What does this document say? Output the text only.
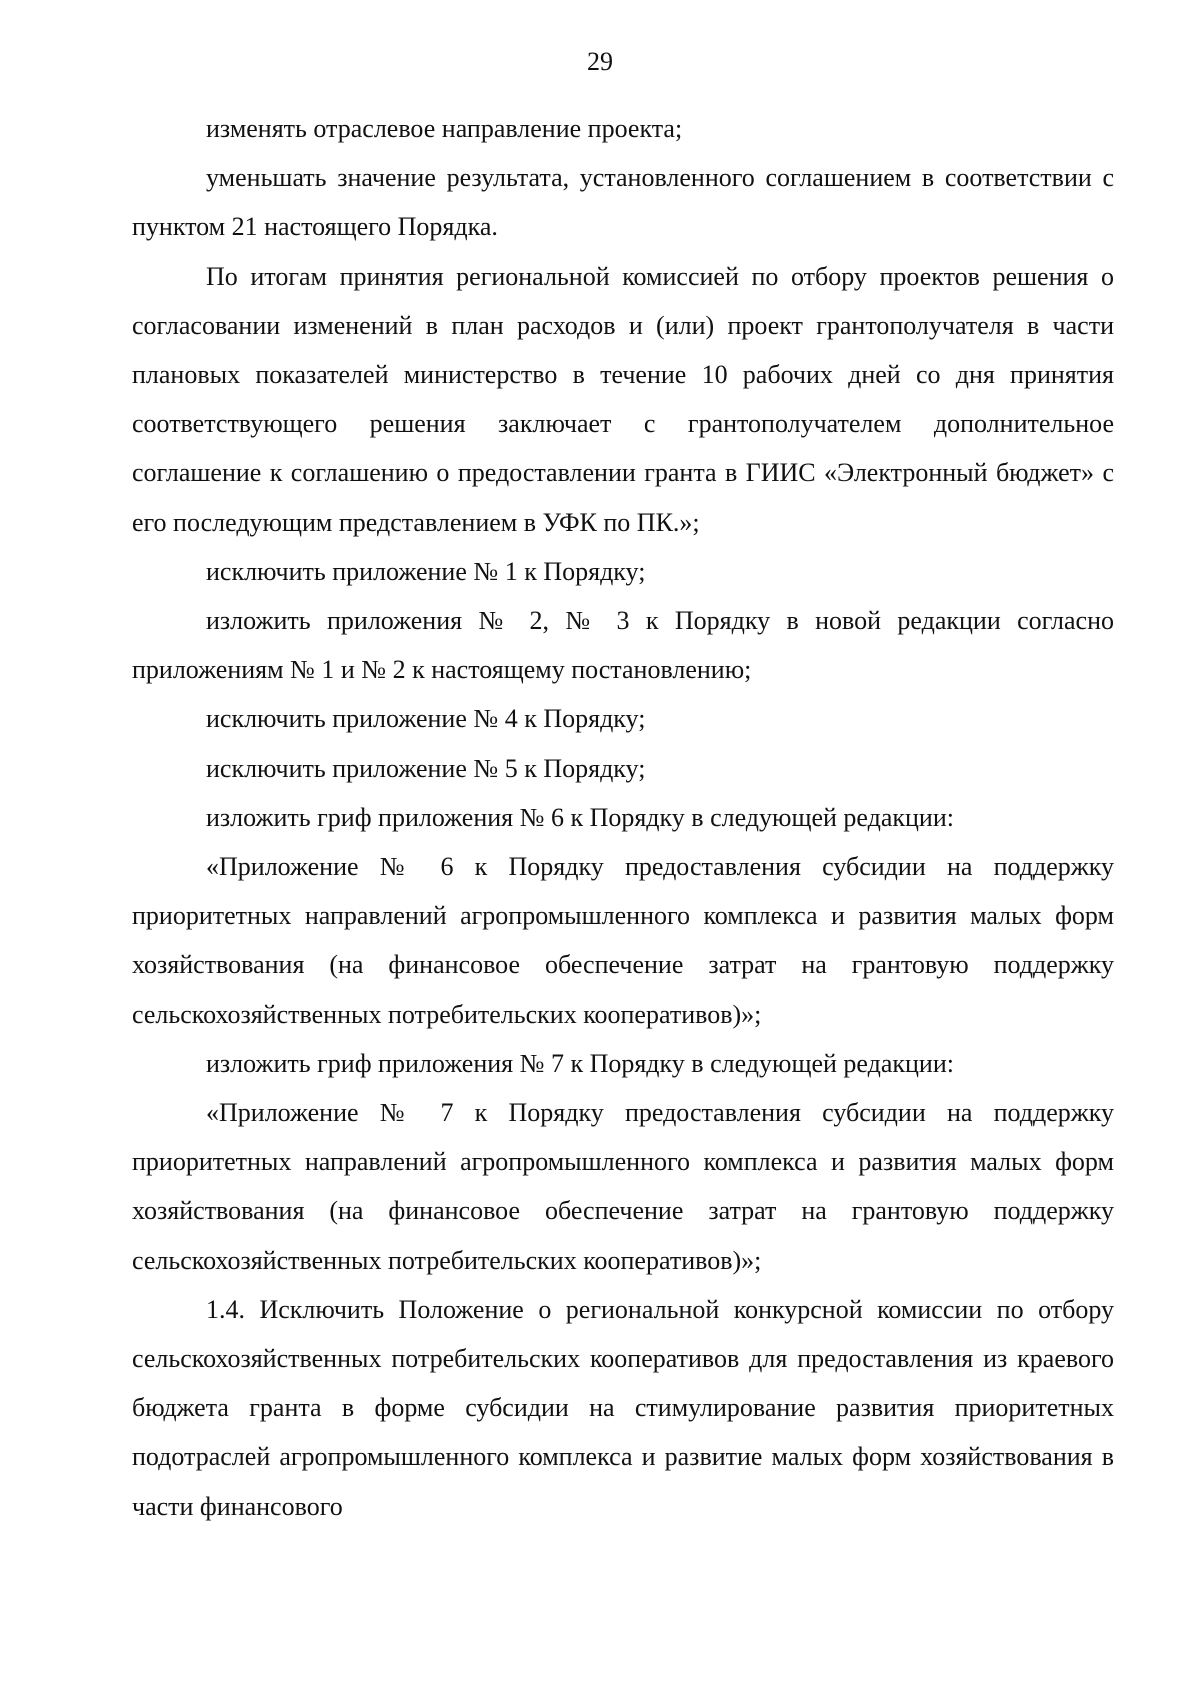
29

изменять отраслевое направление проекта;

уменьшать значение результата, установленного соглашением в соответствии с пунктом 21 настоящего Порядка.

По итогам принятия региональной комиссией по отбору проектов решения о согласовании изменений в план расходов и (или) проект грантополучателя в части плановых показателей министерство в течение 10 рабочих дней со дня принятия соответствующего решения заключает с грантополучателем дополнительное соглашение к соглашению о предоставлении гранта в ГИИС «Электронный бюджет» с его последующим представлением в УФК по ПК.»;

исключить приложение № 1 к Порядку;

изложить приложения № 2, № 3 к Порядку в новой редакции согласно приложениям № 1 и № 2 к настоящему постановлению;

исключить приложение № 4 к Порядку;

исключить приложение № 5 к Порядку;

изложить гриф приложения № 6 к Порядку в следующей редакции:

«Приложение № 6 к Порядку предоставления субсидии на поддержку приоритетных направлений агропромышленного комплекса и развития малых форм хозяйствования (на финансовое обеспечение затрат на грантовую поддержку сельскохозяйственных потребительских кооперативов)»;

изложить гриф приложения № 7 к Порядку в следующей редакции:

«Приложение № 7 к Порядку предоставления субсидии на поддержку приоритетных направлений агропромышленного комплекса и развития малых форм хозяйствования (на финансовое обеспечение затрат на грантовую поддержку сельскохозяйственных потребительских кооперативов)»;

1.4. Исключить Положение о региональной конкурсной комиссии по отбору сельскохозяйственных потребительских кооперативов для предоставления из краевого бюджета гранта в форме субсидии на стимулирование развития приоритетных подотраслей агропромышленного комплекса и развитие малых форм хозяйствования в части финансового
